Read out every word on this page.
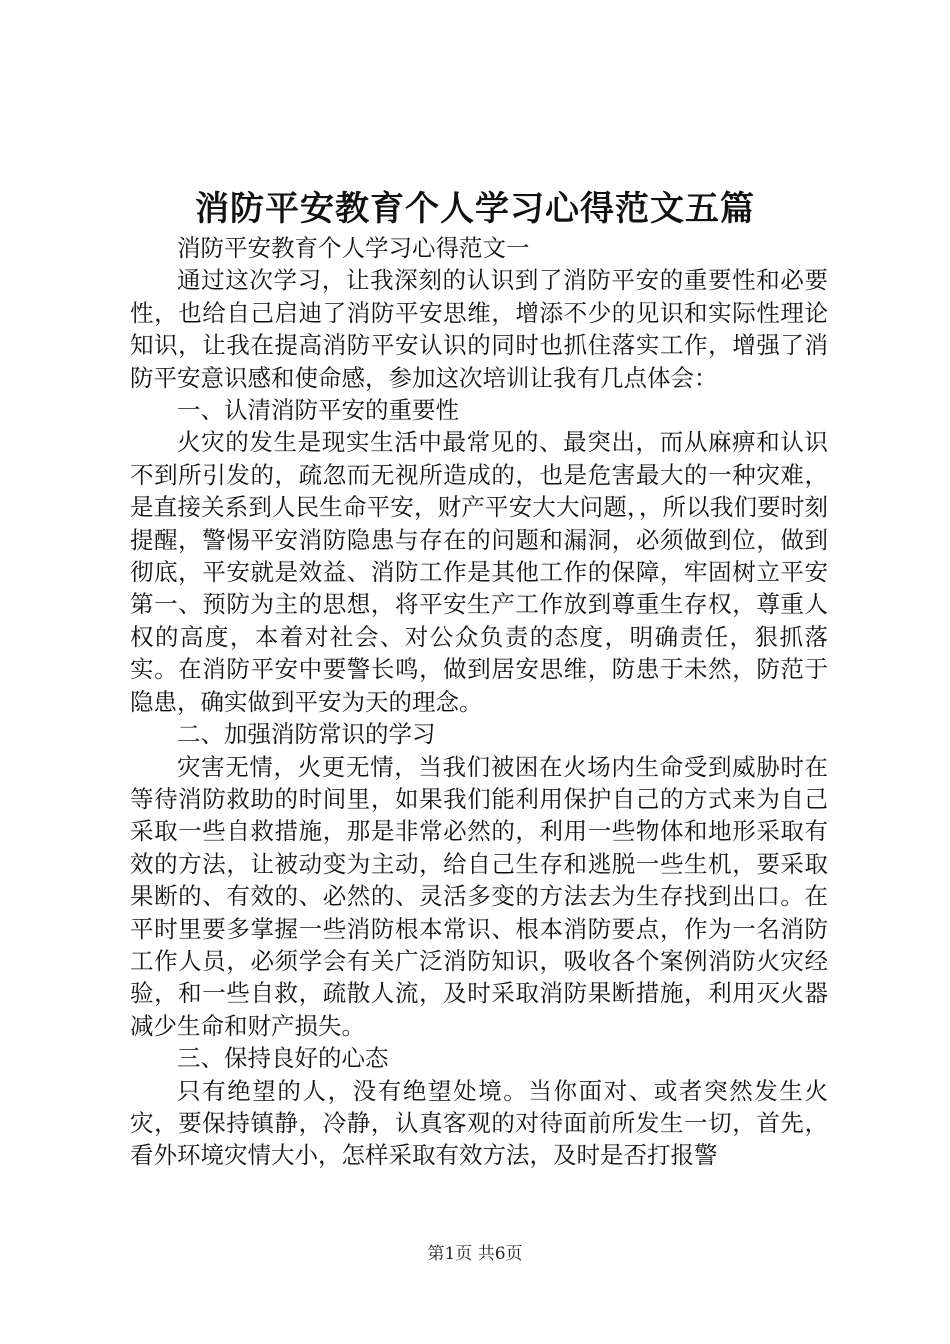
消防平安教育个人学习心得范文五篇

消防平安教育个人学习心得范文一

通过这次学习，让我深刻的认识到了消防平安的重要性和必要性，也给自己启迪了消防平安思维，增添不少的见识和实际性理论知识，让我在提高消防平安认识的同时也抓住落实工作，增强了消防平安意识感和使命感，参加这次培训让我有几点体会：

一、认清消防平安的重要性

火灾的发生是现实生活中最常见的、最突出，而从麻痹和认识不到所引发的，疏忽而无视所造成的，也是危害最大的一种灾难，是直接关系到人民生命平安，财产平安大大问题，，所以我们要时刻提醒，警惕平安消防隐患与存在的问题和漏洞，必须做到位，做到彻底，平安就是效益、消防工作是其他工作的保障，牢固树立平安第一、预防为主的思想，将平安生产工作放到尊重生存权，尊重人权的高度，本着对社会、对公众负责的态度，明确责任，狠抓落实。在消防平安中要警长鸣，做到居安思维，防患于未然，防范于隐患，确实做到平安为天的理念。

二、加强消防常识的学习

灾害无情，火更无情，当我们被困在火场内生命受到威胁时在等待消防救助的时间里，如果我们能利用保护自己的方式来为自己采取一些自救措施，那是非常必然的，利用一些物体和地形采取有效的方法，让被动变为主动，给自己生存和逃脱一些生机，要采取果断的、有效的、必然的、灵活多变的方法去为生存找到出口。在平时里要多掌握一些消防根本常识、根本消防要点，作为一名消防工作人员，必须学会有关广泛消防知识，吸收各个案例消防火灾经验，和一些自救，疏散人流，及时采取消防果断措施，利用灭火器减少生命和财产损失。

三、保持良好的心态

只有绝望的人，没有绝望处境。当你面对、或者突然发生火灾，要保持镇静，冷静，认真客观的对待面前所发生一切，首先，看外环境灾情大小，怎样采取有效方法，及时是否打报警

第1页 共6页
